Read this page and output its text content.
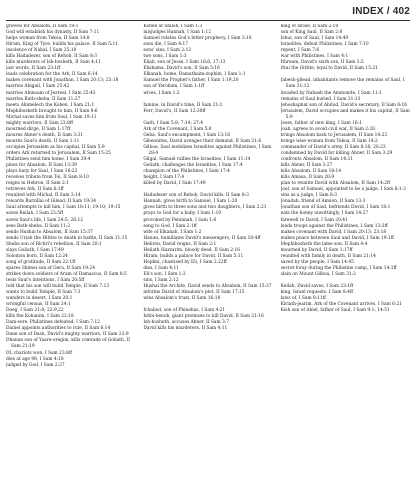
INDEX / 402

grieves for Absalom, II Sam 19:1

God will establish his dynasty, II Sam 7:11

helps woman from Tekoa, II Sam 14:8

Hiram, King of Tyre, builds his palace, II Sam 5:11

insolence of Nabal, I Sam 25:10

kills Hadadezer, son of Rehob, II Sam 8:3

kills murderers of Ish-bosheth, II Sam 4:11

last words, II Sam 23:1ff

leads celebration for the Ark, II Sam 6:14

makes covenant with Jonathan, I Sam 20:13; 23:18

marries Abigail, I Sam 25:42

marries Ahinoam of Jezreel, I Sam 25:43

marries Bath-sheba, II Sam 11:27

meets Ahimelech the Kohen, I Sam 21:1

Mephibosheth brought to him, II Sam 9:6

Michal saves him from Saul, I Sam 19:11

mighty warriors, II Sam 23:8ff

mourned dirge, II Sam 1:17ff

mourns Abner's death, II Sam 3:31

mourns Saul's death, II Sam 1:11

occupies Jerusalem as his capital, II Sam 5:9

orders Ark returned to Jerusalem, II Sam 15:25

Philistines send him home, I Sam 29:4

pines for Absalom, II Sam 13:39

plays harp for Saul, I Sam 16:23

receives tribute from Toi, II Sam 8:10

reigns in Hebron, II Sam 2:1

retrieves Ark, II Sam 6:1ff

reunited with Michal, II Sam 3:14

rewards Barzillai of Gilead, II Sam 19:34

Saul attempts to kill him, I Sam 18:11; 19:10; 19:15

saves Keilah, I Sam 23:5ff

saves Saul's life, I Sam 24:5; 26:12

sees Bath-sheba, II Sam 11:2

sends Hushai to Absalom, II Sam 15:37

sends Uriah the Hittite to death in battle, II Sam 11:15

Sheba son of Bichri's rebellion, II Sam 20:1

slays Goliath, I Sam 17:49

Solomon born, II Sam 12:24

song of gratitude, II Sam 22:1ff

spares Shimei son of Gera, II Sam 19:24

strikes down soldiers of Aram of Damascus, II Sam 8:5

tests Saul's intentions, I Sam 20:5ff

told that his son will build Temple, II Sam 7:13

wants to build Temple, II Sam 7:3

wanders in desert, I Sam 20:1

wrongful census, II Sam 24:1

Doeg, I Sam 21:8; 22:9,22

kills the Kohanim, I Sam 22:18

Dam-sore, Philistines defeated, I Sam 7:12

Daniel appoints authorities to rule, II Sam 6:14

Dane son of Dash, David's mighty warriors, II Sam 23:9

Dhanan son of Yaare-oregim, kills comrade of Goliath, II Sam 21:19

DL chariots won, I Sam 23:8ff

dies at age 98, I Sam 4:18

judged by God, I Sam 2:27

Kohen at Shiloh, I Sam 1:3

misjudges Hannah, I Sam 1:12

Samuel relates God's bitter prophecy, I Sam 3:18

sons die, I Sam 4:17

sons' sins, I Sam 2:12

two sons, I Sam 1:3

Eliab, son of Jesse, I Sam 16:6; 17:13

Elishama, David's son, II Sam 5:16

Elkanah, home, Ramathaim-zophim, I Sam 1:1

Samuel the Prophet's father, I Sam 1:19,20

son of Yeroham, I Sam 1:1ff

wives, I Sam 1:2

famine, in David's time, II Sam 21:1

Ferr, David's, II Sam 12:30ff

Gath, I Sam 5:8; 7:14; 27:4

Ark of the Covenant, I Sam 5:8

Geba, Saul's encampment, I Sam 13:16

Gibeonites, David avenges their demand, II Sam 21:6

Gilboa, Saul mobilizes Israelites against Philistines, I Sam 28:4

Gilgal, Samuel rallies the Israelites, I Sam 11:14

Goliath, challenges the Israelites, I Sam 17:4

champion of the Philistines, I Sam 17:4

height, I Sam 17:4

killed by David, I Sam 17:49

Hadadezer son of Rehob, David kills, II Sam 8:3

Hannah, gives birth to Samuel, I Sam 1:20

gives birth to three sons and two daughters, I Sam 2:21

prays to God for a baby, I Sam 1:10

provoked by Peninnah, I Sam 1:6

song to God, I Sam 2:1ff

wife of Elkanah, I Sam 1:2

Hanun, humiliates David's messengers, II Sam 10:4ff

Hebron, David reigns, II Sam 2:1

Heilath Hazzarim, bloody deed, II Sam 2:16

Hiram, builds a palace for David, II Sam 5:11

Hophni, chastised by Eli, I Sam 2:22ff

dies, I Sam 4:11

Eli's son, I Sam 1:3

sins, I Sam 2:12

Hushai the Archite, David sends to Absalom, II Sam 15:37

informs David of Absalom's plot, II Sam 17:15

wins Absalom's trust, II Sam 16:18

Ichabod, son of Phinehas, I Sam 4:21

Ishbi-benob, giant promises to kill David, II Sam 21:16

Ish-bosheth, accuses Abner, II Sam 3:7

David kills his murderers, II Sam 4:11

king of Israel, II Sam 2:10

son of King Saul, II Sam 2:8

Ishui, son of Saul, I Sam 14:49

Israelites, defeat Philistines, I Sam 7:10

repent, I Sam 7:6

war with Philistines, I Sam 4:1

Ithream, David's sixth son, II Sam 3:5

Ittai the Gittite, loyal to David, II Sam 15:21

Jabesh-gilead, inhabitants remove the remains of Saul, I Sam 31:12

invaded by Nahash the Ammonite, I Sam 11:1

remains of Saul buried, I Sam 31:13

Jehoshaphat son of Ahilud, David's secretary, II Sam 8:16

Jerusalem, David occupies and makes it his capital, II Sam 5:9

Jesse, father of new king, I Sam 16:1

Joab, agrees to avoid civil war, II Sam 2:26

brings Absalom back to Jerusalem, II Sam 14:23

brings wise woman from Tekoa, II Sam 14:2

commander of David's army, II Sam 8:16; 20:23

condemned by David for killing Abner, II Sam 3:29

confronts Absalom, II Sam 14:31

kills Abner, II Sam 3:27

kills Absalom, II Sam 18:14

kills Amasa, II Sam 20:9

plan to reunite David with Absalom, II Sam 14:2ff

Joel, son of Samuel, appointed to be a judge, I Sam 8:1-2

sins as a judge, I Sam 8:3

Jonadab, friend of Amnon, II Sam 13:3

Jonathan son of Saul, befriends David, I Sam 18:1

eats the honey unwittingly, I Sam 14:27

farewell to David, I Sam 20:41

leads troops against the Philistines, I Sam 13:3ff

makes covenant with David, I Sam 20:13; 23:18

makes peace between Saul and David, I Sam 19:1ff

Mephibosheth the lame son, II Sam 4:4

mourned by David, II Sam 1:17ff

reunited with family in death, II Sam 21:14

saved by the people, I Sam 14:45

secret foray during the Philistine camp, I Sam 14:1ff

slain on Mount Gilboa, I Sam 31:2

Keilah, David saves, I Sam 23:1ff

king, Israel requests, I Sam 8:4ff

laws of, I Sam 8:11ff

Kiriath-jearim, Ark of the Covenant arrives, I Sam 6:21

Kish son of Abiel, father of Saul, I Sam 9:1; 14:51
